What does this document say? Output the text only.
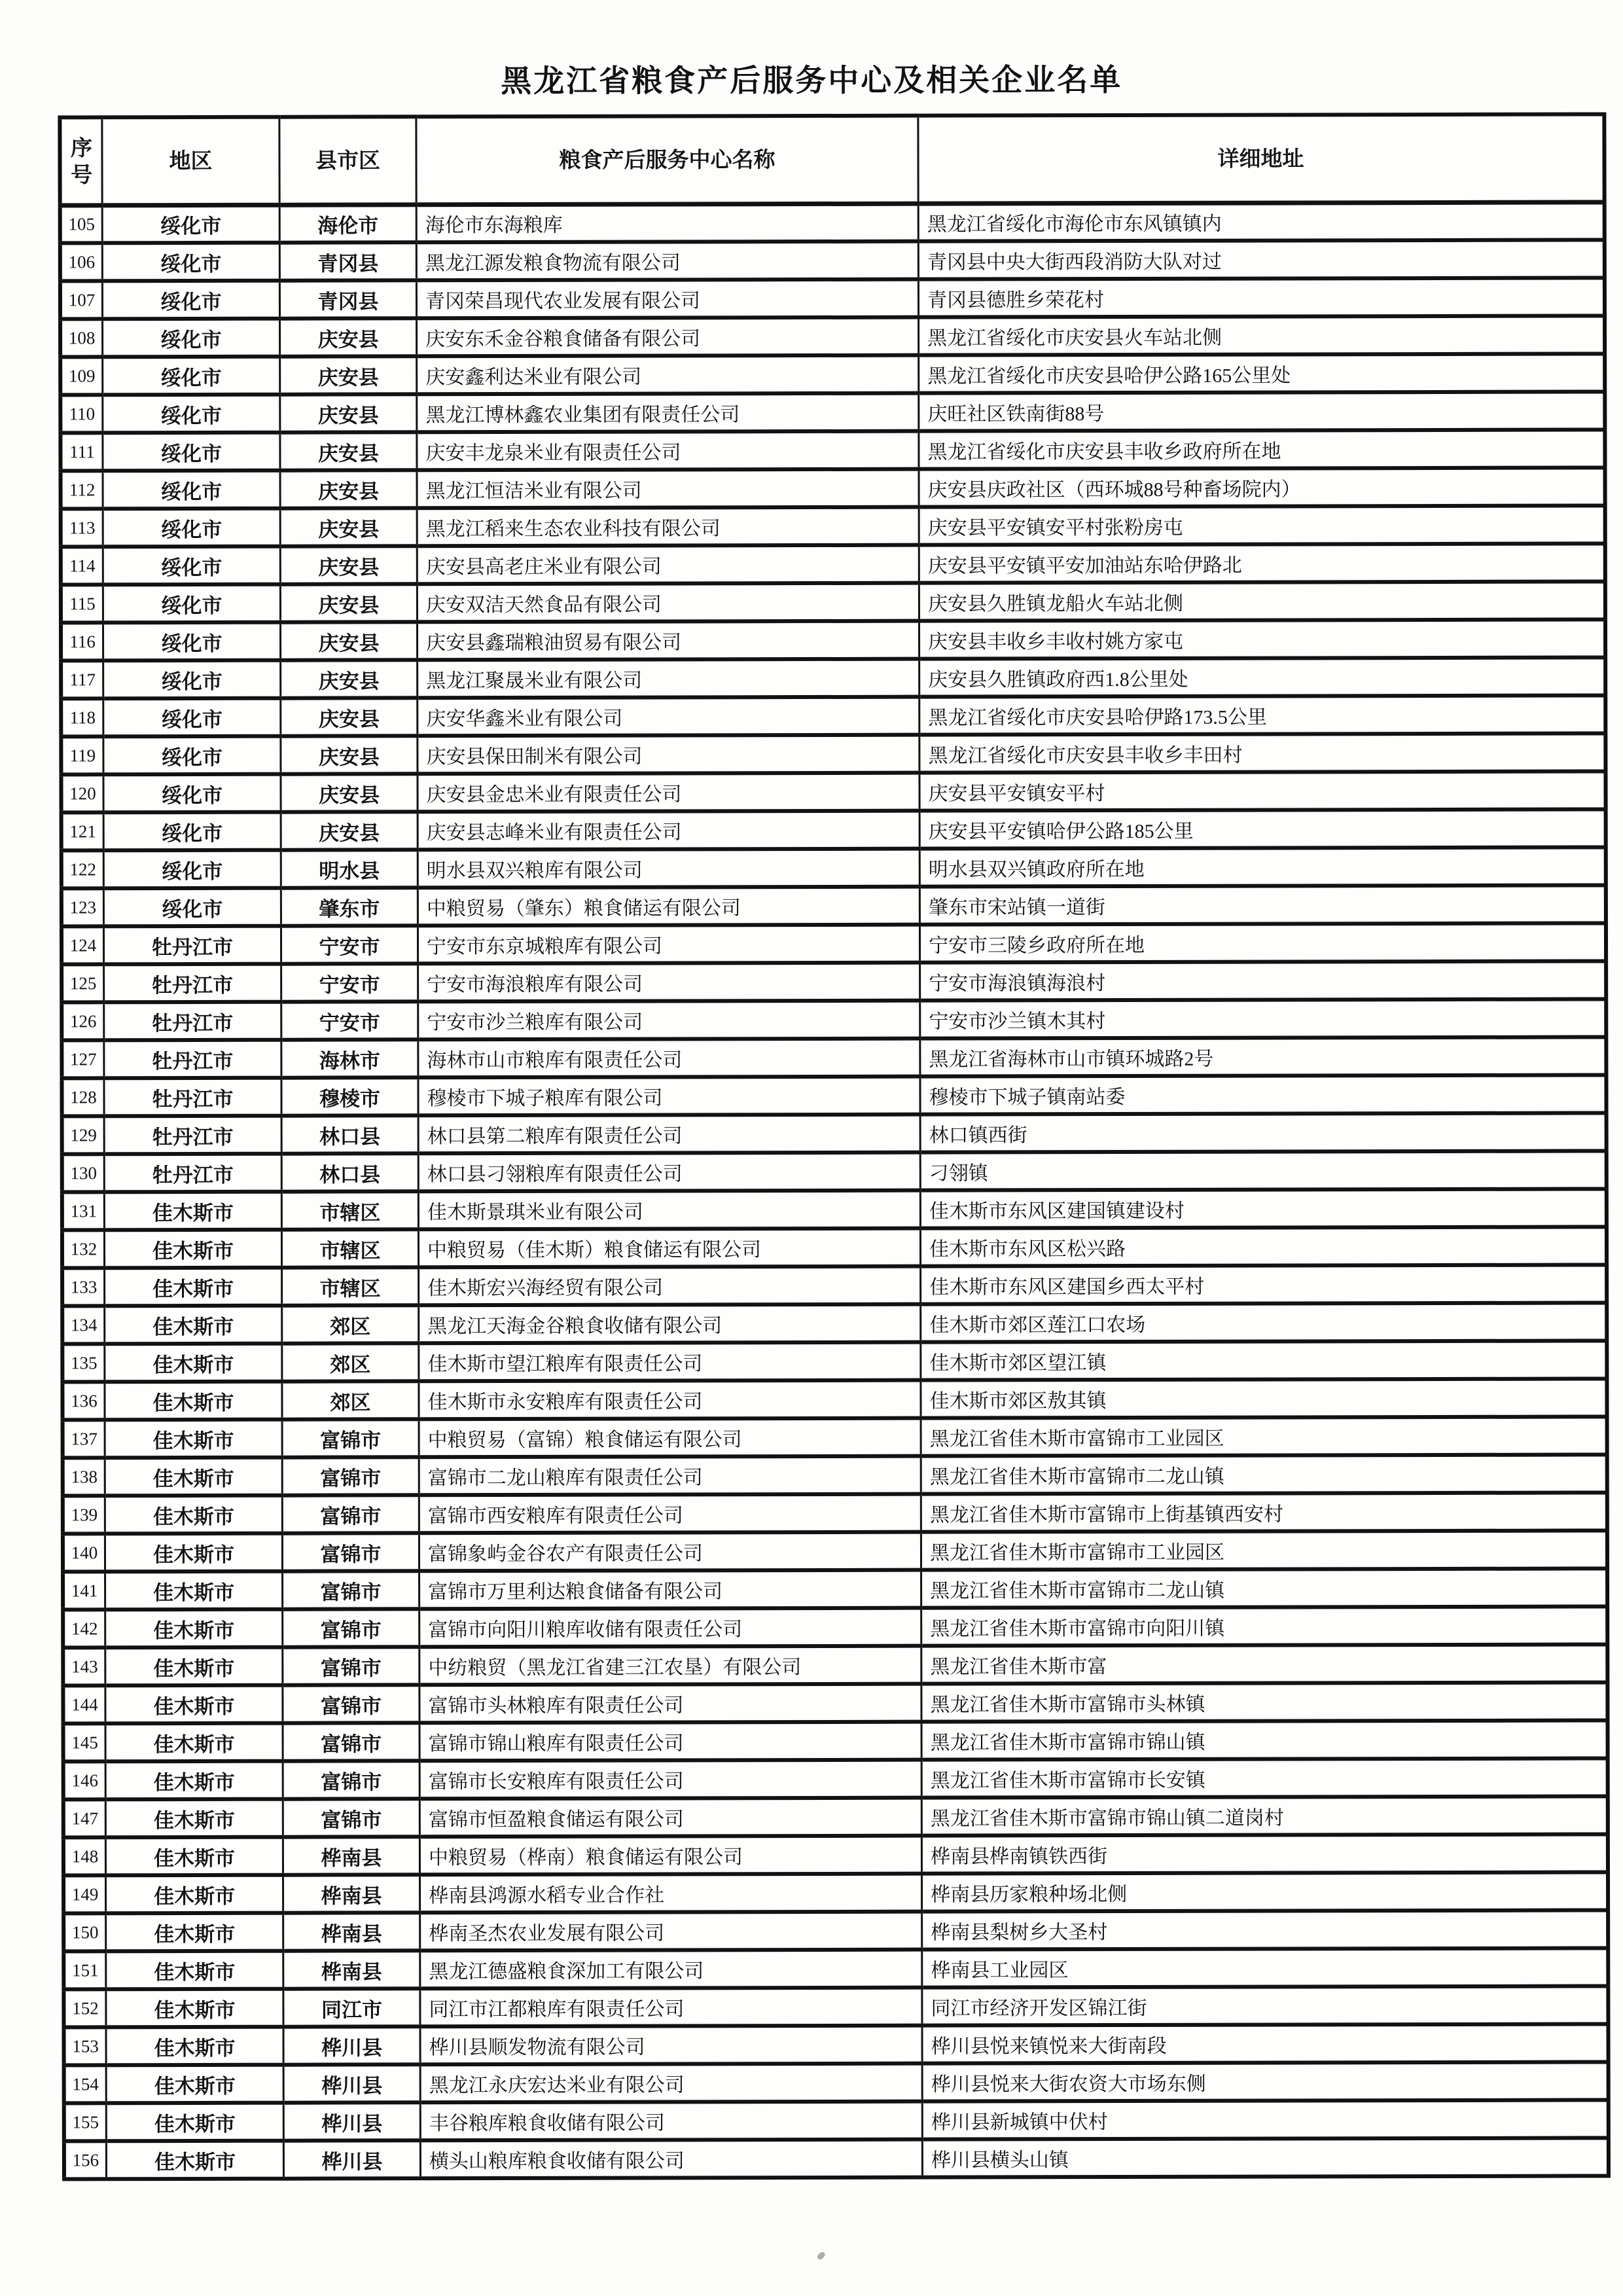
黑龙江省粮食产后服务中心及相关企业名单
序号	地区	县市区	粮食产后服务中心名称	详细地址
105	绥化市	海伦市	海伦市东海粮库	黑龙江省绥化市海伦市东风镇镇内
106	绥化市	青冈县	黑龙江源发粮食物流有限公司	青冈县中央大街西段消防大队对过
107	绥化市	青冈县	青冈荣昌现代农业发展有限公司	青冈县德胜乡荣花村
108	绥化市	庆安县	庆安东禾金谷粮食储备有限公司	黑龙江省绥化市庆安县火车站北侧
109	绥化市	庆安县	庆安鑫利达米业有限公司	黑龙江省绥化市庆安县哈伊公路165公里处
110	绥化市	庆安县	黑龙江博林鑫农业集团有限责任公司	庆旺社区铁南街88号
111	绥化市	庆安县	庆安丰龙泉米业有限责任公司	黑龙江省绥化市庆安县丰收乡政府所在地
112	绥化市	庆安县	黑龙江恒洁米业有限公司	庆安县庆政社区（西环城88号种畜场院内）
113	绥化市	庆安县	黑龙江稻来生态农业科技有限公司	庆安县平安镇安平村张粉房屯
114	绥化市	庆安县	庆安县高老庄米业有限公司	庆安县平安镇平安加油站东哈伊路北
115	绥化市	庆安县	庆安双洁天然食品有限公司	庆安县久胜镇龙船火车站北侧
116	绥化市	庆安县	庆安县鑫瑞粮油贸易有限公司	庆安县丰收乡丰收村姚方家屯
117	绥化市	庆安县	黑龙江聚晟米业有限公司	庆安县久胜镇政府西1.8公里处
118	绥化市	庆安县	庆安华鑫米业有限公司	黑龙江省绥化市庆安县哈伊路173.5公里
119	绥化市	庆安县	庆安县保田制米有限公司	黑龙江省绥化市庆安县丰收乡丰田村
120	绥化市	庆安县	庆安县金忠米业有限责任公司	庆安县平安镇安平村
121	绥化市	庆安县	庆安县志峰米业有限责任公司	庆安县平安镇哈伊公路185公里
122	绥化市	明水县	明水县双兴粮库有限公司	明水县双兴镇政府所在地
123	绥化市	肇东市	中粮贸易（肇东）粮食储运有限公司	肇东市宋站镇一道街
124	牡丹江市	宁安市	宁安市东京城粮库有限公司	宁安市三陵乡政府所在地
125	牡丹江市	宁安市	宁安市海浪粮库有限公司	宁安市海浪镇海浪村
126	牡丹江市	宁安市	宁安市沙兰粮库有限公司	宁安市沙兰镇木其村
127	牡丹江市	海林市	海林市山市粮库有限责任公司	黑龙江省海林市山市镇环城路2号
128	牡丹江市	穆棱市	穆棱市下城子粮库有限公司	穆棱市下城子镇南站委
129	牡丹江市	林口县	林口县第二粮库有限责任公司	林口镇西街
130	牡丹江市	林口县	林口县刁翎粮库有限责任公司	刁翎镇
131	佳木斯市	市辖区	佳木斯景琪米业有限公司	佳木斯市东风区建国镇建设村
132	佳木斯市	市辖区	中粮贸易（佳木斯）粮食储运有限公司	佳木斯市东风区松兴路
133	佳木斯市	市辖区	佳木斯宏兴海经贸有限公司	佳木斯市东风区建国乡西太平村
134	佳木斯市	郊区	黑龙江天海金谷粮食收储有限公司	佳木斯市郊区莲江口农场
135	佳木斯市	郊区	佳木斯市望江粮库有限责任公司	佳木斯市郊区望江镇
136	佳木斯市	郊区	佳木斯市永安粮库有限责任公司	佳木斯市郊区敖其镇
137	佳木斯市	富锦市	中粮贸易（富锦）粮食储运有限公司	黑龙江省佳木斯市富锦市工业园区
138	佳木斯市	富锦市	富锦市二龙山粮库有限责任公司	黑龙江省佳木斯市富锦市二龙山镇
139	佳木斯市	富锦市	富锦市西安粮库有限责任公司	黑龙江省佳木斯市富锦市上街基镇西安村
140	佳木斯市	富锦市	富锦象屿金谷农产有限责任公司	黑龙江省佳木斯市富锦市工业园区
141	佳木斯市	富锦市	富锦市万里利达粮食储备有限公司	黑龙江省佳木斯市富锦市二龙山镇
142	佳木斯市	富锦市	富锦市向阳川粮库收储有限责任公司	黑龙江省佳木斯市富锦市向阳川镇
143	佳木斯市	富锦市	中纺粮贸（黑龙江省建三江农垦）有限公司	黑龙江省佳木斯市富
144	佳木斯市	富锦市	富锦市头林粮库有限责任公司	黑龙江省佳木斯市富锦市头林镇
145	佳木斯市	富锦市	富锦市锦山粮库有限责任公司	黑龙江省佳木斯市富锦市锦山镇
146	佳木斯市	富锦市	富锦市长安粮库有限责任公司	黑龙江省佳木斯市富锦市长安镇
147	佳木斯市	富锦市	富锦市恒盈粮食储运有限公司	黑龙江省佳木斯市富锦市锦山镇二道岗村
148	佳木斯市	桦南县	中粮贸易（桦南）粮食储运有限公司	桦南县桦南镇铁西街
149	佳木斯市	桦南县	桦南县鸿源水稻专业合作社	桦南县历家粮种场北侧
150	佳木斯市	桦南县	桦南圣杰农业发展有限公司	桦南县梨树乡大圣村
151	佳木斯市	桦南县	黑龙江德盛粮食深加工有限公司	桦南县工业园区
152	佳木斯市	同江市	同江市江都粮库有限责任公司	同江市经济开发区锦江街
153	佳木斯市	桦川县	桦川县顺发物流有限公司	桦川县悦来镇悦来大街南段
154	佳木斯市	桦川县	黑龙江永庆宏达米业有限公司	桦川县悦来大街农资大市场东侧
155	佳木斯市	桦川县	丰谷粮库粮食收储有限公司	桦川县新城镇中伏村
156	佳木斯市	桦川县	横头山粮库粮食收储有限公司	桦川县横头山镇
